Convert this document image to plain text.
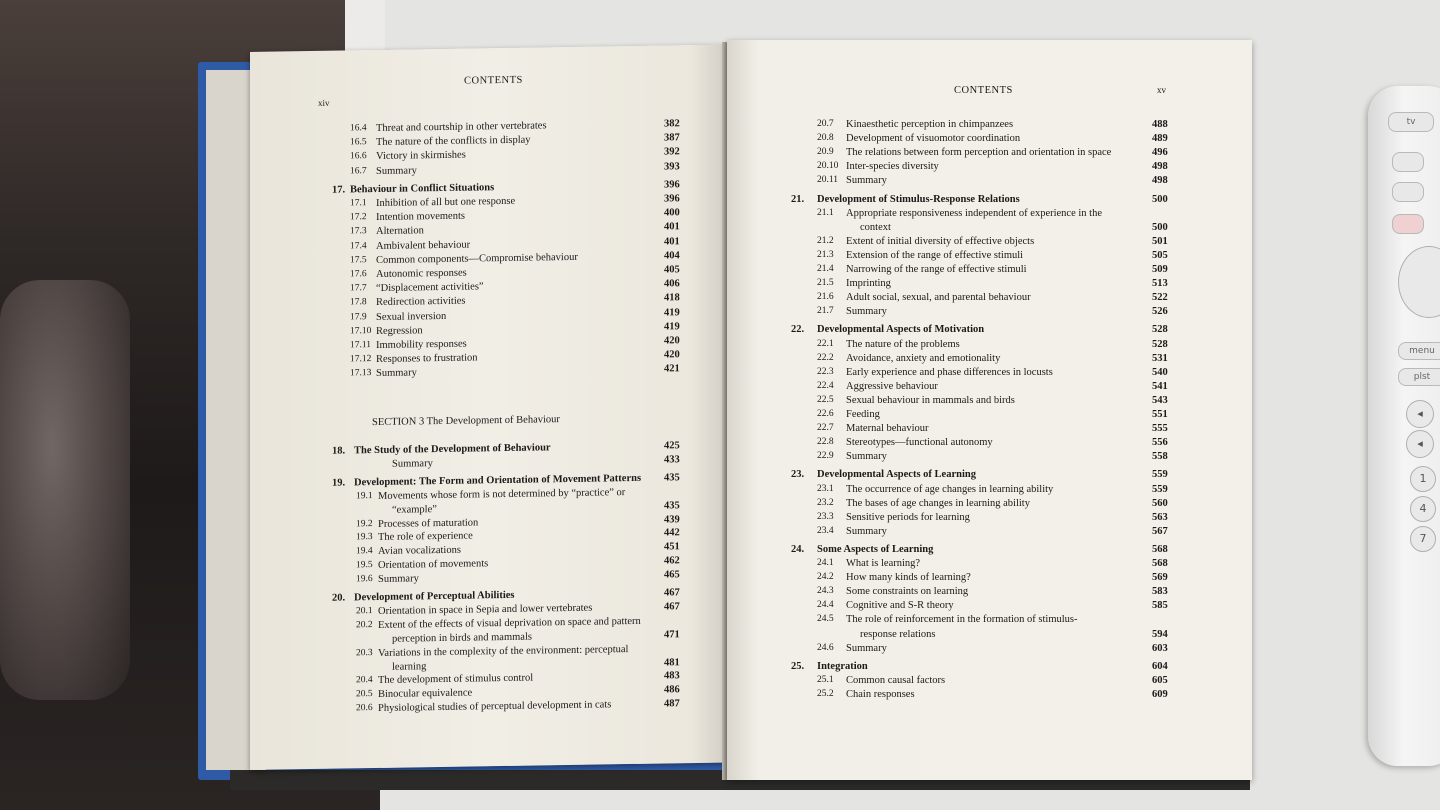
CONTENTS
xiv
SECTION 3 The Development of Behaviour
16.4 Threat and courtship in other vertebrates	382
16.5 The nature of the conflicts in display	387
16.6 Victory in skirmishes	392
16.7 Summary	393
17. Behaviour in Conflict Situations	396
17.1 Inhibition of all but one response	396
17.2 Intention movements	400
17.3 Alternation	401
17.4 Ambivalent behaviour	401
17.5 Common components—Compromise behaviour	404
17.6 Autonomic responses	405
17.7 “Displacement activities”	406
17.8 Redirection activities	418
17.9 Sexual inversion	419
17.10 Regression	419
17.11 Immobility responses	420
17.12 Responses to frustration	420
17.13 Summary	421
18. The Study of the Development of Behaviour	425
Summary	433
19. Development: The Form and Orientation of Movement Patterns 435
19.1 Movements whose form is not determined by “practice” or
“example”	435
19.2 Processes of maturation	439
19.3 The role of experience	442
19.4 Avian vocalizations	451
19.5 Orientation of movements	462
19.6 Summary	465
20. Development of Perceptual Abilities	467
20.1 Orientation in space in Sepia and lower vertebrates	467
20.2 Extent of the effects of visual deprivation on space and pattern
perception in birds and mammals	471
20.3 Variations in the complexity of the environment: perceptual
learning	481
20.4 The development of stimulus control	483
20.5 Binocular equivalence	486
20.6 Physiological studies of perceptual development in cats	487
CONTENTS	xv
20.7 Kinaesthetic perception in chimpanzees	488
20.8 Development of visuomotor coordination	489
20.9 The relations between form perception and orientation in space	496
20.10 Inter-species diversity	498
20.11 Summary	498
21. Development of Stimulus-Response Relations	500
21.1 Appropriate responsiveness independent of experience in the
context	500
21.2 Extent of initial diversity of effective objects	501
21.3 Extension of the range of effective stimuli	505
21.4 Narrowing of the range of effective stimuli	509
21.5 Imprinting	513
21.6 Adult social, sexual, and parental behaviour	522
21.7 Summary	526
22. Developmental Aspects of Motivation	528
22.1 The nature of the problems	528
22.2 Avoidance, anxiety and emotionality	531
22.3 Early experience and phase differences in locusts	540
22.4 Aggressive behaviour	541
22.5 Sexual behaviour in mammals and birds	543
22.6 Feeding	551
22.7 Maternal behaviour	555
22.8 Stereotypes—functional autonomy	556
22.9 Summary	558
23. Developmental Aspects of Learning	559
23.1 The occurrence of age changes in learning ability	559
23.2 The bases of age changes in learning ability	560
23.3 Sensitive periods for learning	563
23.4 Summary	567
24. Some Aspects of Learning	568
24.1 What is learning?	568
24.2 How many kinds of learning?	569
24.3 Some constraints on learning	583
24.4 Cognitive and S-R theory	585
24.5 The role of reinforcement in the formation of stimulus-
response relations	594
24.6 Summary	603
25. Integration	604
25.1 Common causal factors	605
25.2 Chain responses	609
tv
menu
plst
◂
◂
1
4
7
